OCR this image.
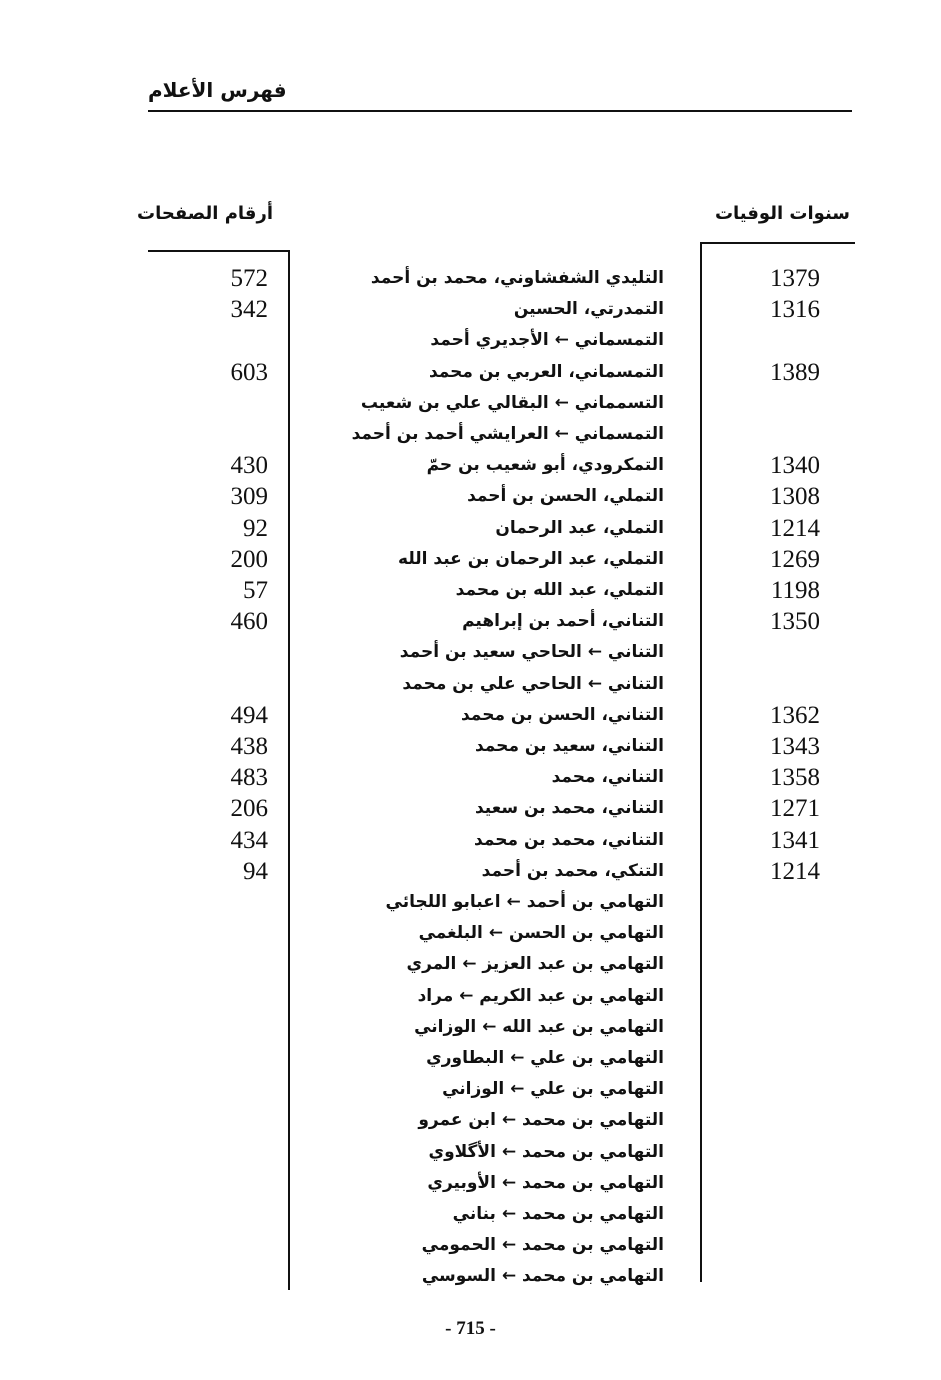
فهرس الأعلام
سنوات الوفيات
أرقام الصفحات
1379
التليدي الشفشاوني، محمد بن أحمد
572
1316
التمدرتي، الحسين
342
التمسماني ← الأجديري أحمد
1389
التمسماني، العربي بن محمد
603
التسمماني ← البقالي علي بن شعيب
التمسماني ← العرايشي أحمد بن أحمد
1340
التمكرودي، أبو شعيب بن حمّ
430
1308
التملي، الحسن بن أحمد
309
1214
التملي، عبد الرحمان
92
1269
التملي، عبد الرحمان بن عبد الله
200
1198
التملي، عبد الله بن محمد
57
1350
التناني، أحمد بن إبراهيم
460
التناني ← الحاحي سعيد بن أحمد
التناني ← الحاحي علي بن محمد
1362
التناني، الحسن بن محمد
494
1343
التناني، سعيد بن محمد
438
1358
التناني، محمد
483
1271
التناني، محمد بن سعيد
206
1341
التناني، محمد بن محمد
434
1214
التنكي، محمد بن أحمد
94
التهامي بن أحمد ← اعبابو اللجائي
التهامي بن الحسن ← البلغمي
التهامي بن عبد العزيز ← المري
التهامي بن عبد الكريم ← مراد
التهامي بن عبد الله ← الوزاني
التهامي بن علي ← البطاوري
التهامي بن علي ← الوزاني
التهامي بن محمد ← ابن عمرو
التهامي بن محمد ← الأگلاوي
التهامي بن محمد ← الأوبيري
التهامي بن محمد ← بناني
التهامي بن محمد ← الحمومي
التهامي بن محمد ← السوسي
- 715 -
